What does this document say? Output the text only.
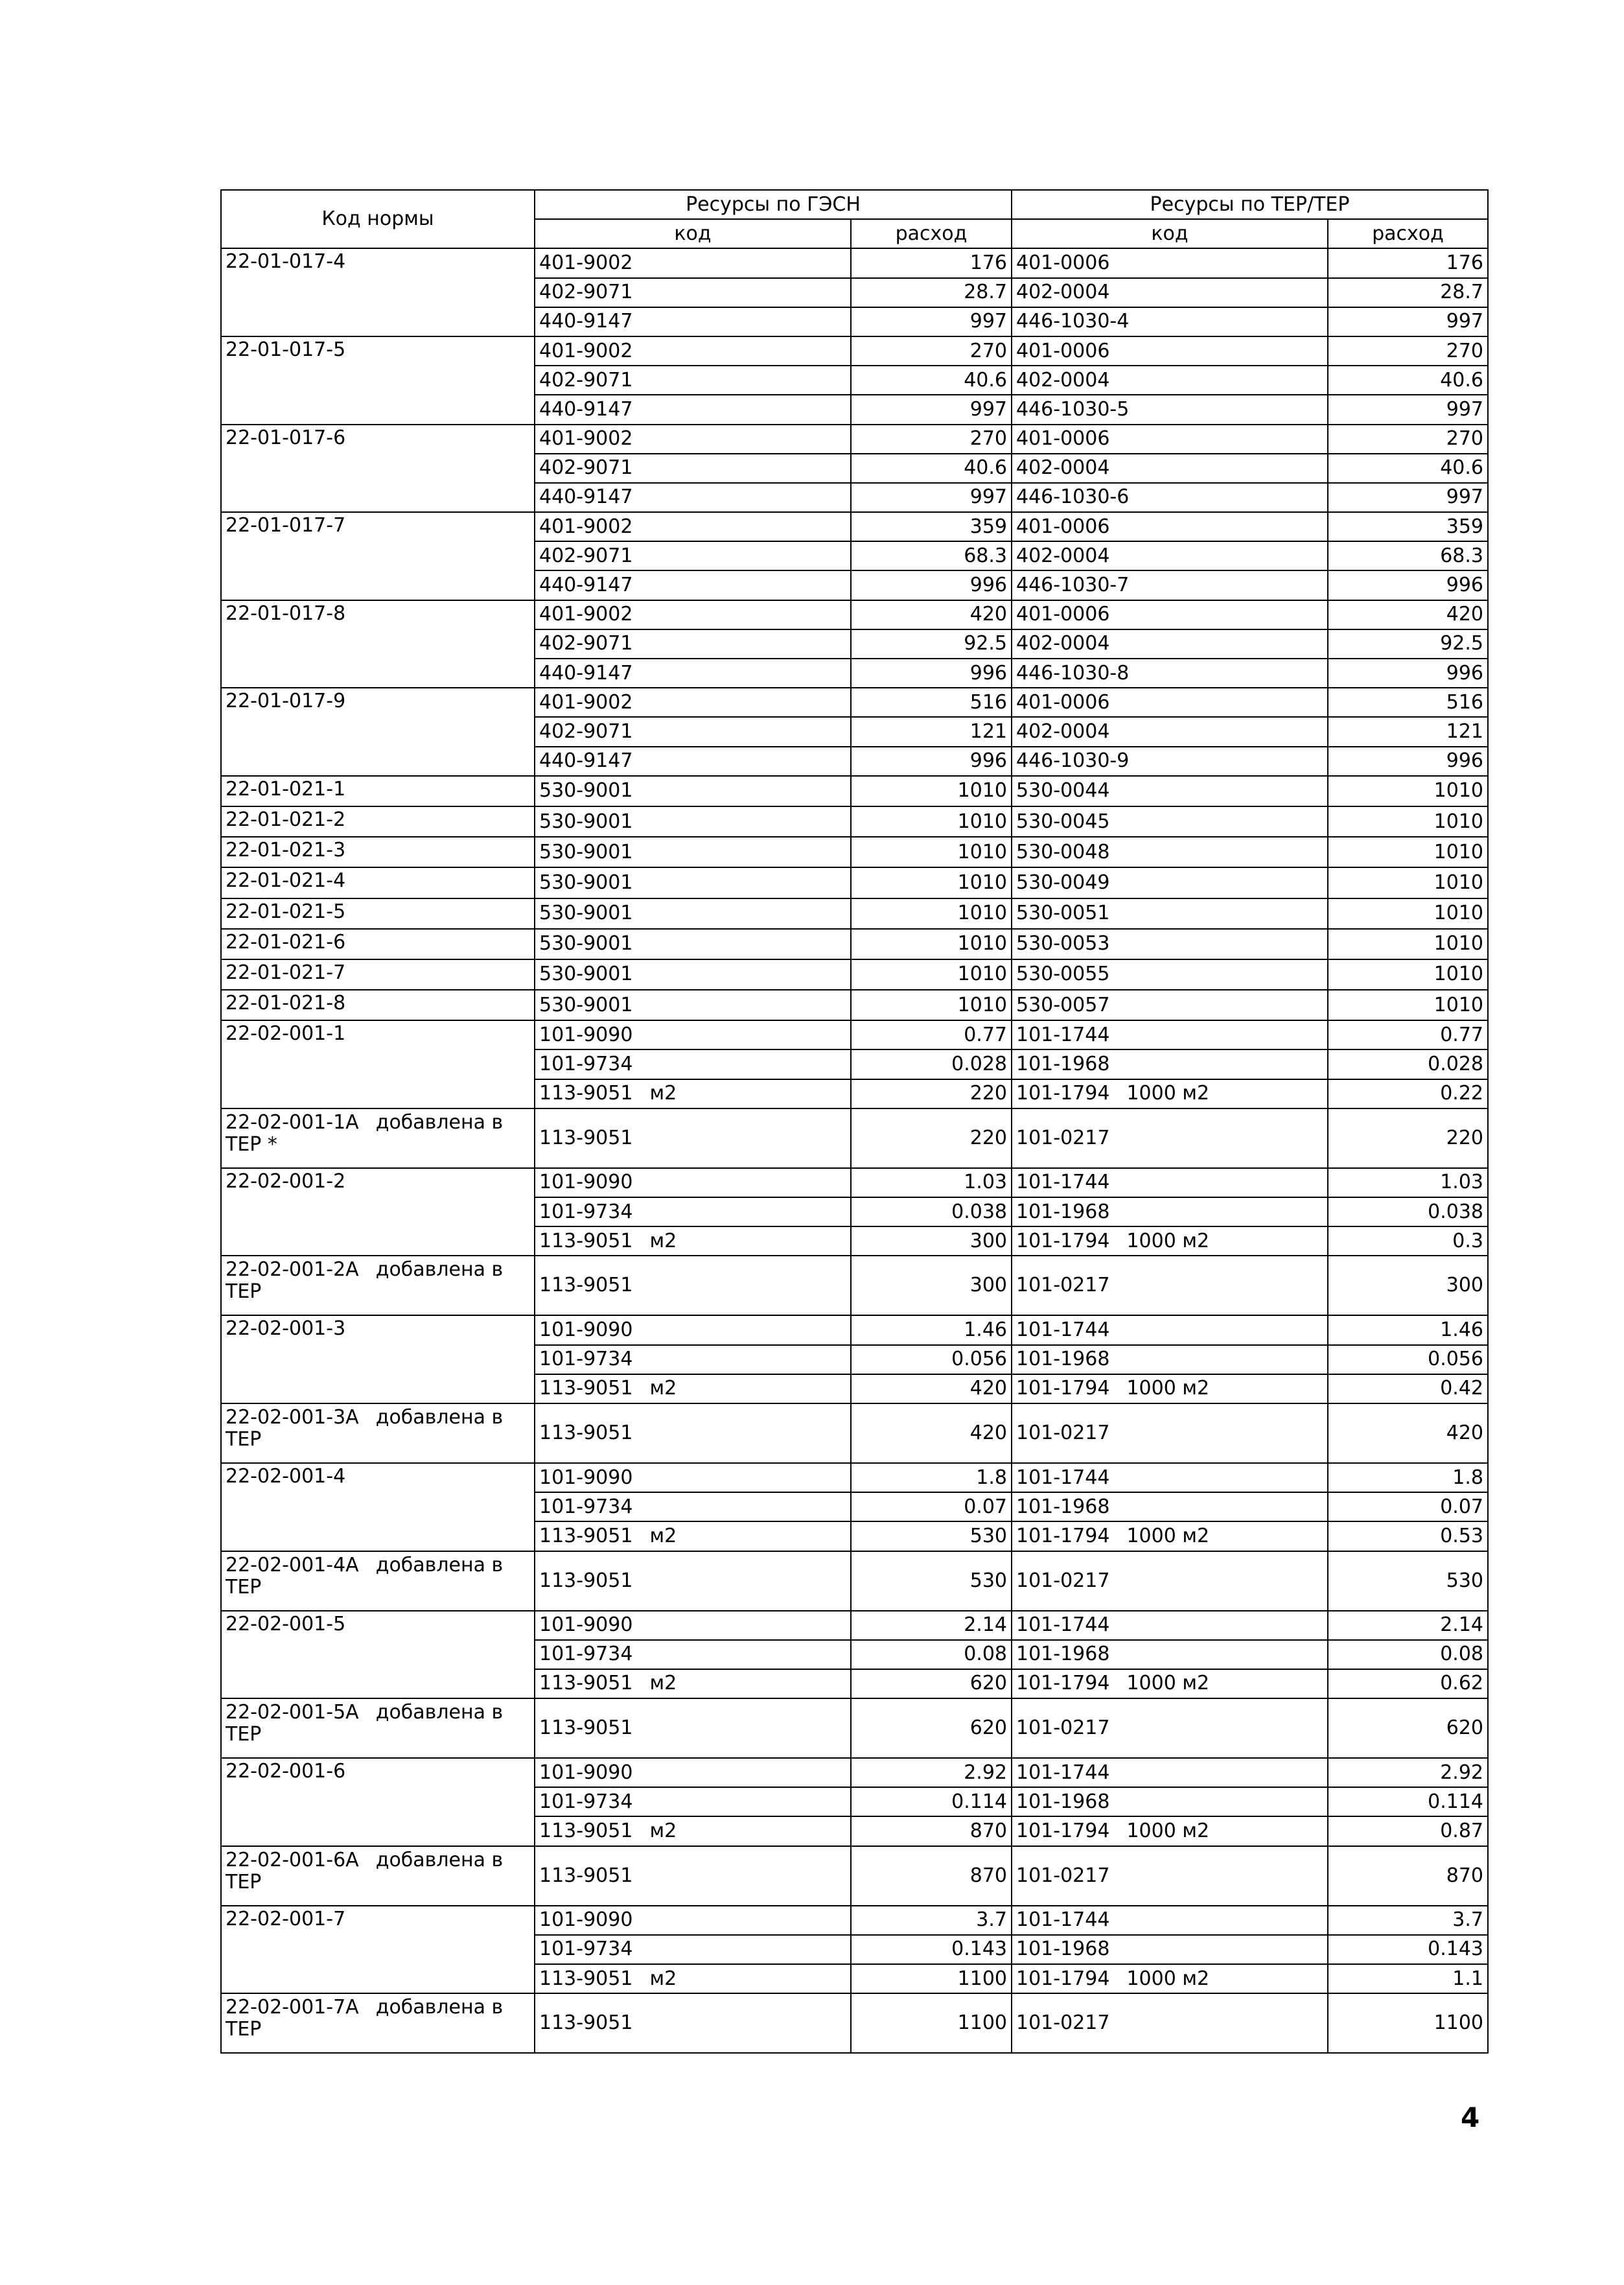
Код нормы	Ресурсы по ГЭСН		Ресурсы по ТЕР/ТЕР	
	код	расход	код	расход
22-01-017-4	401-9002	176	401-0006	176
	402-9071	28.7	402-0004	28.7
	440-9147	997	446-1030-4	997
22-01-017-5	401-9002	270	401-0006	270
	402-9071	40.6	402-0004	40.6
	440-9147	997	446-1030-5	997
22-01-017-6	401-9002	270	401-0006	270
	402-9071	40.6	402-0004	40.6
	440-9147	997	446-1030-6	997
22-01-017-7	401-9002	359	401-0006	359
	402-9071	68.3	402-0004	68.3
	440-9147	996	446-1030-7	996
22-01-017-8	401-9002	420	401-0006	420
	402-9071	92.5	402-0004	92.5
	440-9147	996	446-1030-8	996
22-01-017-9	401-9002	516	401-0006	516
	402-9071	121	402-0004	121
	440-9147	996	446-1030-9	996
22-01-021-1	530-9001	1010	530-0044	1010
22-01-021-2	530-9001	1010	530-0045	1010
22-01-021-3	530-9001	1010	530-0048	1010
22-01-021-4	530-9001	1010	530-0049	1010
22-01-021-5	530-9001	1010	530-0051	1010
22-01-021-6	530-9001	1010	530-0053	1010
22-01-021-7	530-9001	1010	530-0055	1010
22-01-021-8	530-9001	1010	530-0057	1010
22-02-001-1	101-9090	0.77	101-1744	0.77
	101-9734	0.028	101-1968	0.028
	113-9051 м2	220	101-1794 1000 м2	0.22
22-02-001-1А добавлена в ТЕР *	113-9051	220	101-0217	220
22-02-001-2	101-9090	1.03	101-1744	1.03
	101-9734	0.038	101-1968	0.038
	113-9051 м2	300	101-1794 1000 м2	0.3
22-02-001-2А добавлена в ТЕР	113-9051	300	101-0217	300
22-02-001-3	101-9090	1.46	101-1744	1.46
	101-9734	0.056	101-1968	0.056
	113-9051 м2	420	101-1794 1000 м2	0.42
22-02-001-3А добавлена в ТЕР	113-9051	420	101-0217	420
22-02-001-4	101-9090	1.8	101-1744	1.8
	101-9734	0.07	101-1968	0.07
	113-9051 м2	530	101-1794 1000 м2	0.53
22-02-001-4А добавлена в ТЕР	113-9051	530	101-0217	530
22-02-001-5	101-9090	2.14	101-1744	2.14
	101-9734	0.08	101-1968	0.08
	113-9051 м2	620	101-1794 1000 м2	0.62
22-02-001-5А добавлена в ТЕР	113-9051	620	101-0217	620
22-02-001-6	101-9090	2.92	101-1744	2.92
	101-9734	0.114	101-1968	0.114
	113-9051 м2	870	101-1794 1000 м2	0.87
22-02-001-6А добавлена в ТЕР	113-9051	870	101-0217	870
22-02-001-7	101-9090	3.7	101-1744	3.7
	101-9734	0.143	101-1968	0.143
	113-9051 м2	1100	101-1794 1000 м2	1.1
22-02-001-7А добавлена в ТЕР	113-9051	1100	101-0217	1100
4
